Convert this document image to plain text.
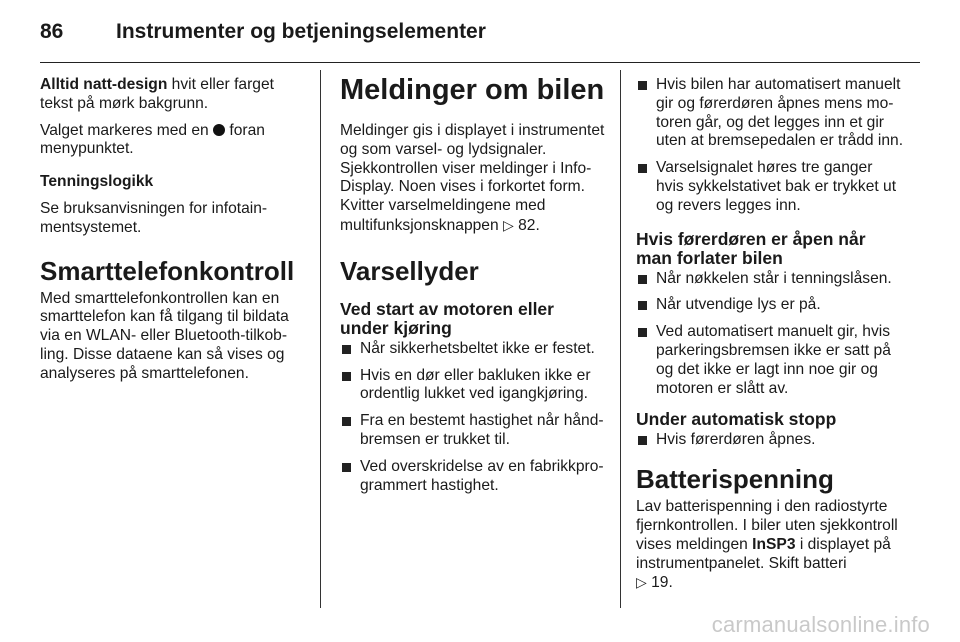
86	Instrumenter og betjeningselementer

Alltid natt-design hvit eller farget tekst på mørk bakgrunn.

Valget markeres med en  foran menypunktet.

Tenningslogikk

Se bruksanvisningen for infotainmentsystemet.

Smarttelefonkontroll

Med smarttelefonkontrollen kan en smarttelefon kan få tilgang til bildata via en WLAN- eller Bluetooth-tilkobling. Disse dataene kan så vises og analyseres på smarttelefonen.

Meldinger om bilen

Meldinger gis i displayet i instrumentet og som varsel- og lydsignaler. Sjekkontrollen viser meldinger i Info-Display. Noen vises i forkortet form. Kvitter varselmeldingene med multifunksjonsknappen ▷ 82.

Varsellyder
Ved start av motoren eller under kjøring
Når sikkerhetsbeltet ikke er festet.
Hvis en dør eller bakluken ikke er ordentlig lukket ved igangkjøring.
Fra en bestemt hastighet når håndbremsen er trukket til.
Ved overskridelse av en fabrikkprogrammert hastighet.
Hvis bilen har automatisert manuelt gir og førerdøren åpnes mens motoren går, og det legges inn et gir uten at bremsepedalen er trådd inn.
Varselsignalet høres tre ganger hvis sykkelstativet bak er trykket ut og revers legges inn.
Hvis førerdøren er åpen når man forlater bilen
Når nøkkelen står i tenningslåsen.
Når utvendige lys er på.
Ved automatisert manuelt gir, hvis parkeringsbremsen ikke er satt på og det ikke er lagt inn noe gir og motoren er slått av.
Under automatisk stopp
Hvis førerdøren åpnes.
Batterispenning

Lav batterispenning i den radiostyrte fjernkontrollen. I biler uten sjekkontroll vises meldingen InSP3 i displayet på instrumentpanelet. Skift batteri
▷ 19.

carmanualsonline.info
